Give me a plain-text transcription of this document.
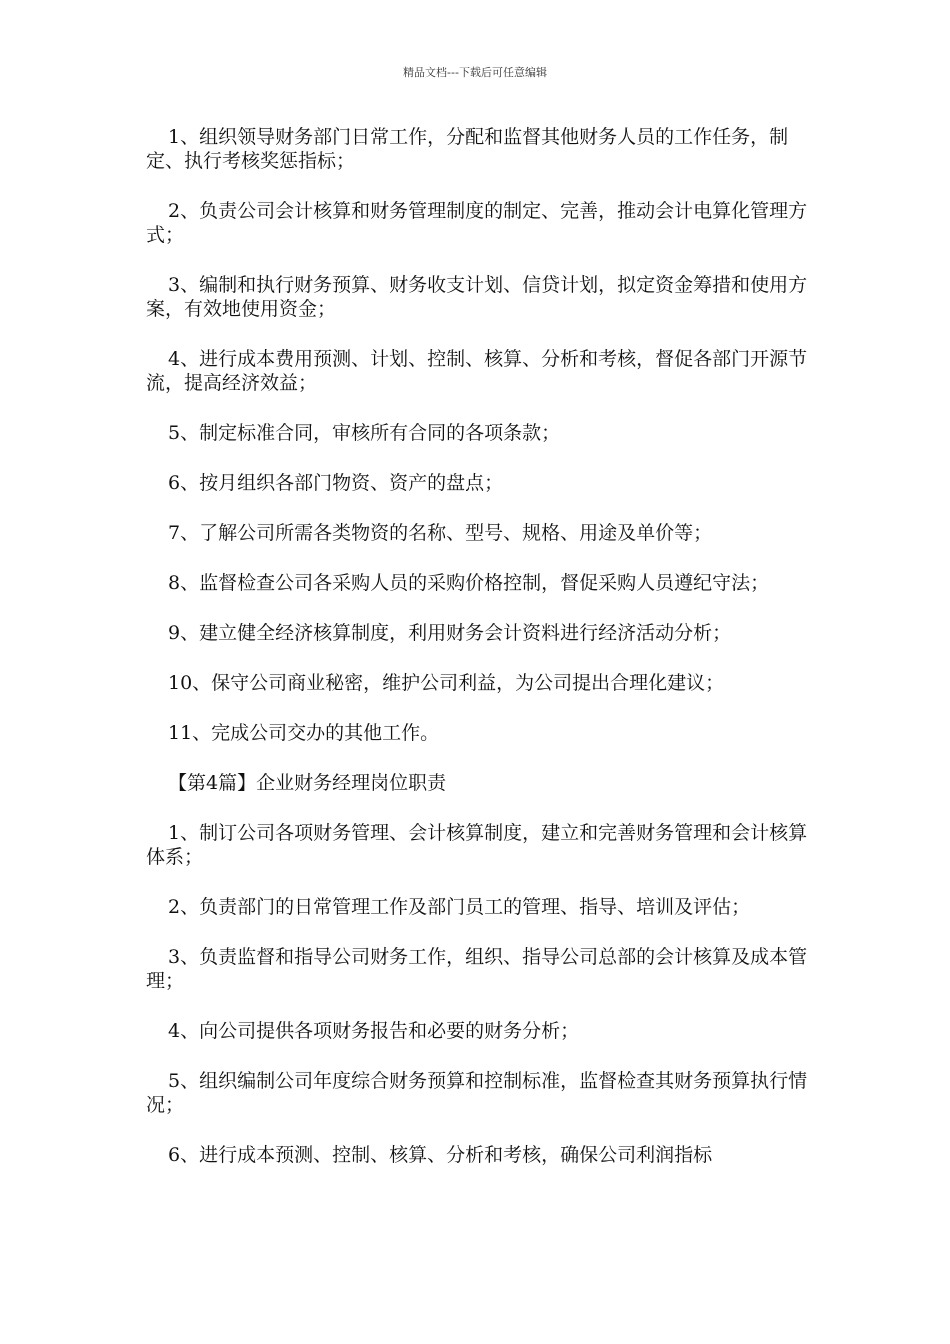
精品文档---下载后可任意编辑

1、组织领导财务部门日常工作，分配和监督其他财务人员的工作任务，制定、执行考核奖惩指标；

2、负责公司会计核算和财务管理制度的制定、完善，推动会计电算化管理方式；

3、编制和执行财务预算、财务收支计划、信贷计划，拟定资金筹措和使用方案，有效地使用资金；

4、进行成本费用预测、计划、控制、核算、分析和考核，督促各部门开源节流，提高经济效益；

5、制定标准合同，审核所有合同的各项条款；

6、按月组织各部门物资、资产的盘点；

7、了解公司所需各类物资的名称、型号、规格、用途及单价等；

8、监督检查公司各采购人员的采购价格控制，督促采购人员遵纪守法；

9、建立健全经济核算制度，利用财务会计资料进行经济活动分析；

10、保守公司商业秘密，维护公司利益，为公司提出合理化建议；

11、完成公司交办的其他工作。

【第4篇】企业财务经理岗位职责

1、制订公司各项财务管理、会计核算制度，建立和完善财务管理和会计核算体系；

2、负责部门的日常管理工作及部门员工的管理、指导、培训及评估；

3、负责监督和指导公司财务工作，组织、指导公司总部的会计核算及成本管理；

4、向公司提供各项财务报告和必要的财务分析；

5、组织编制公司年度综合财务预算和控制标准，监督检查其财务预算执行情况；

6、进行成本预测、控制、核算、分析和考核，确保公司利润指标
